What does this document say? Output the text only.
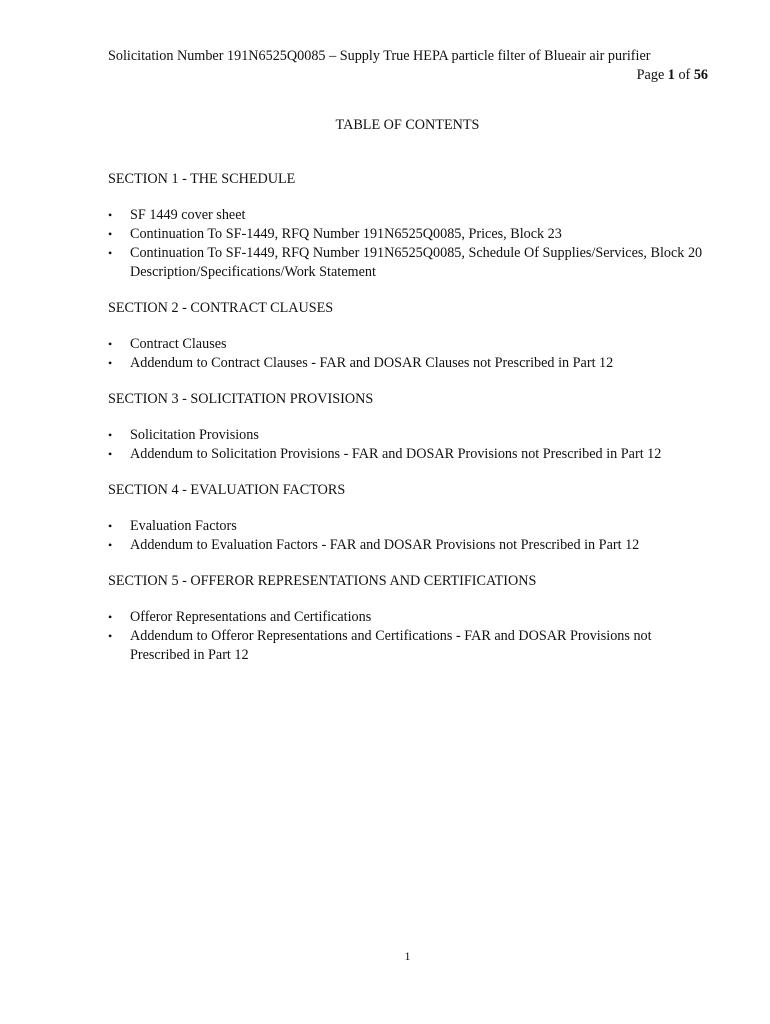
Solicitation Number 191N6525Q0085 – Supply True HEPA particle filter of Blueair air purifier
Page 1 of 56
TABLE OF CONTENTS

SECTION 1 - THE SCHEDULE

•	SF 1449 cover sheet
•	Continuation To SF-1449, RFQ Number 191N6525Q0085, Prices, Block 23
•	Continuation To SF-1449, RFQ Number 191N6525Q0085, Schedule Of Supplies/Services, Block 20 Description/Specifications/Work Statement

SECTION 2 - CONTRACT CLAUSES

•	Contract Clauses
•	Addendum to Contract Clauses - FAR and DOSAR Clauses not Prescribed in Part 12

SECTION 3 - SOLICITATION PROVISIONS

•	Solicitation Provisions
•	Addendum to Solicitation Provisions - FAR and DOSAR Provisions not Prescribed in Part 12

SECTION 4 - EVALUATION FACTORS

•	Evaluation Factors
•	Addendum to Evaluation Factors - FAR and DOSAR Provisions not Prescribed in Part 12

SECTION 5 - OFFEROR REPRESENTATIONS AND CERTIFICATIONS

•	Offeror Representations and Certifications
•	Addendum to Offeror Representations and Certifications - FAR and DOSAR Provisions not Prescribed in Part 12
1
